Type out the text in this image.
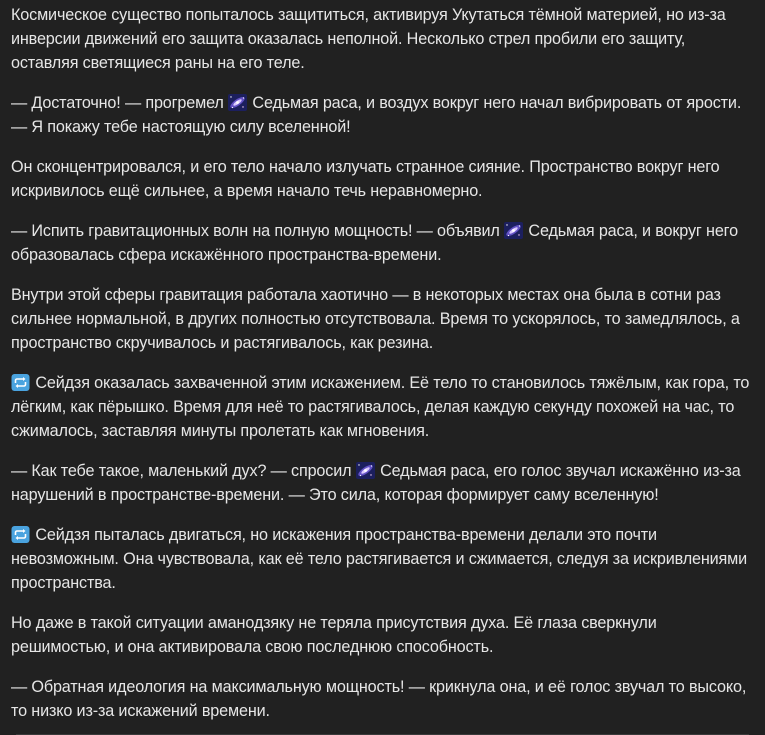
Космическое существо попыталось защититься, активируя Укутаться тёмной материей, но из-за инверсии движений его защита оказалась неполной. Несколько стрел пробили его защиту, оставляя светящиеся раны на его теле.

— Достаточно! — прогремел  Седьмая раса, и воздух вокруг него начал вибрировать от ярости. — Я покажу тебе настоящую силу вселенной!

Он сконцентрировался, и его тело начало излучать странное сияние. Пространство вокруг него искривилось ещё сильнее, а время начало течь неравномерно.

— Испить гравитационных волн на полную мощность! — объявил  Седьмая раса, и вокруг него образовалась сфера искажённого пространства-времени.

Внутри этой сферы гравитация работала хаотично — в некоторых местах она была в сотни раз сильнее нормальной, в других полностью отсутствовала. Время то ускорялось, то замедлялось, а пространство скручивалось и растягивалось, как резина.

Сейдзя оказалась захваченной этим искажением. Её тело то становилось тяжёлым, как гора, то лёгким, как пёрышко. Время для неё то растягивалось, делая каждую секунду похожей на час, то сжималось, заставляя минуты пролетать как мгновения.

— Как тебе такое, маленький дух? — спросил  Седьмая раса, его голос звучал искажённо из-за нарушений в пространстве-времени. — Это сила, которая формирует саму вселенную!

Сейдзя пыталась двигаться, но искажения пространства-времени делали это почти невозможным. Она чувствовала, как её тело растягивается и сжимается, следуя за искривлениями пространства.

Но даже в такой ситуации аманодзяку не теряла присутствия духа. Её глаза сверкнули решимостью, и она активировала свою последнюю способность.

— Обратная идеология на максимальную мощность! — крикнула она, и её голос звучал то высоко, то низко из-за искажений времени.
